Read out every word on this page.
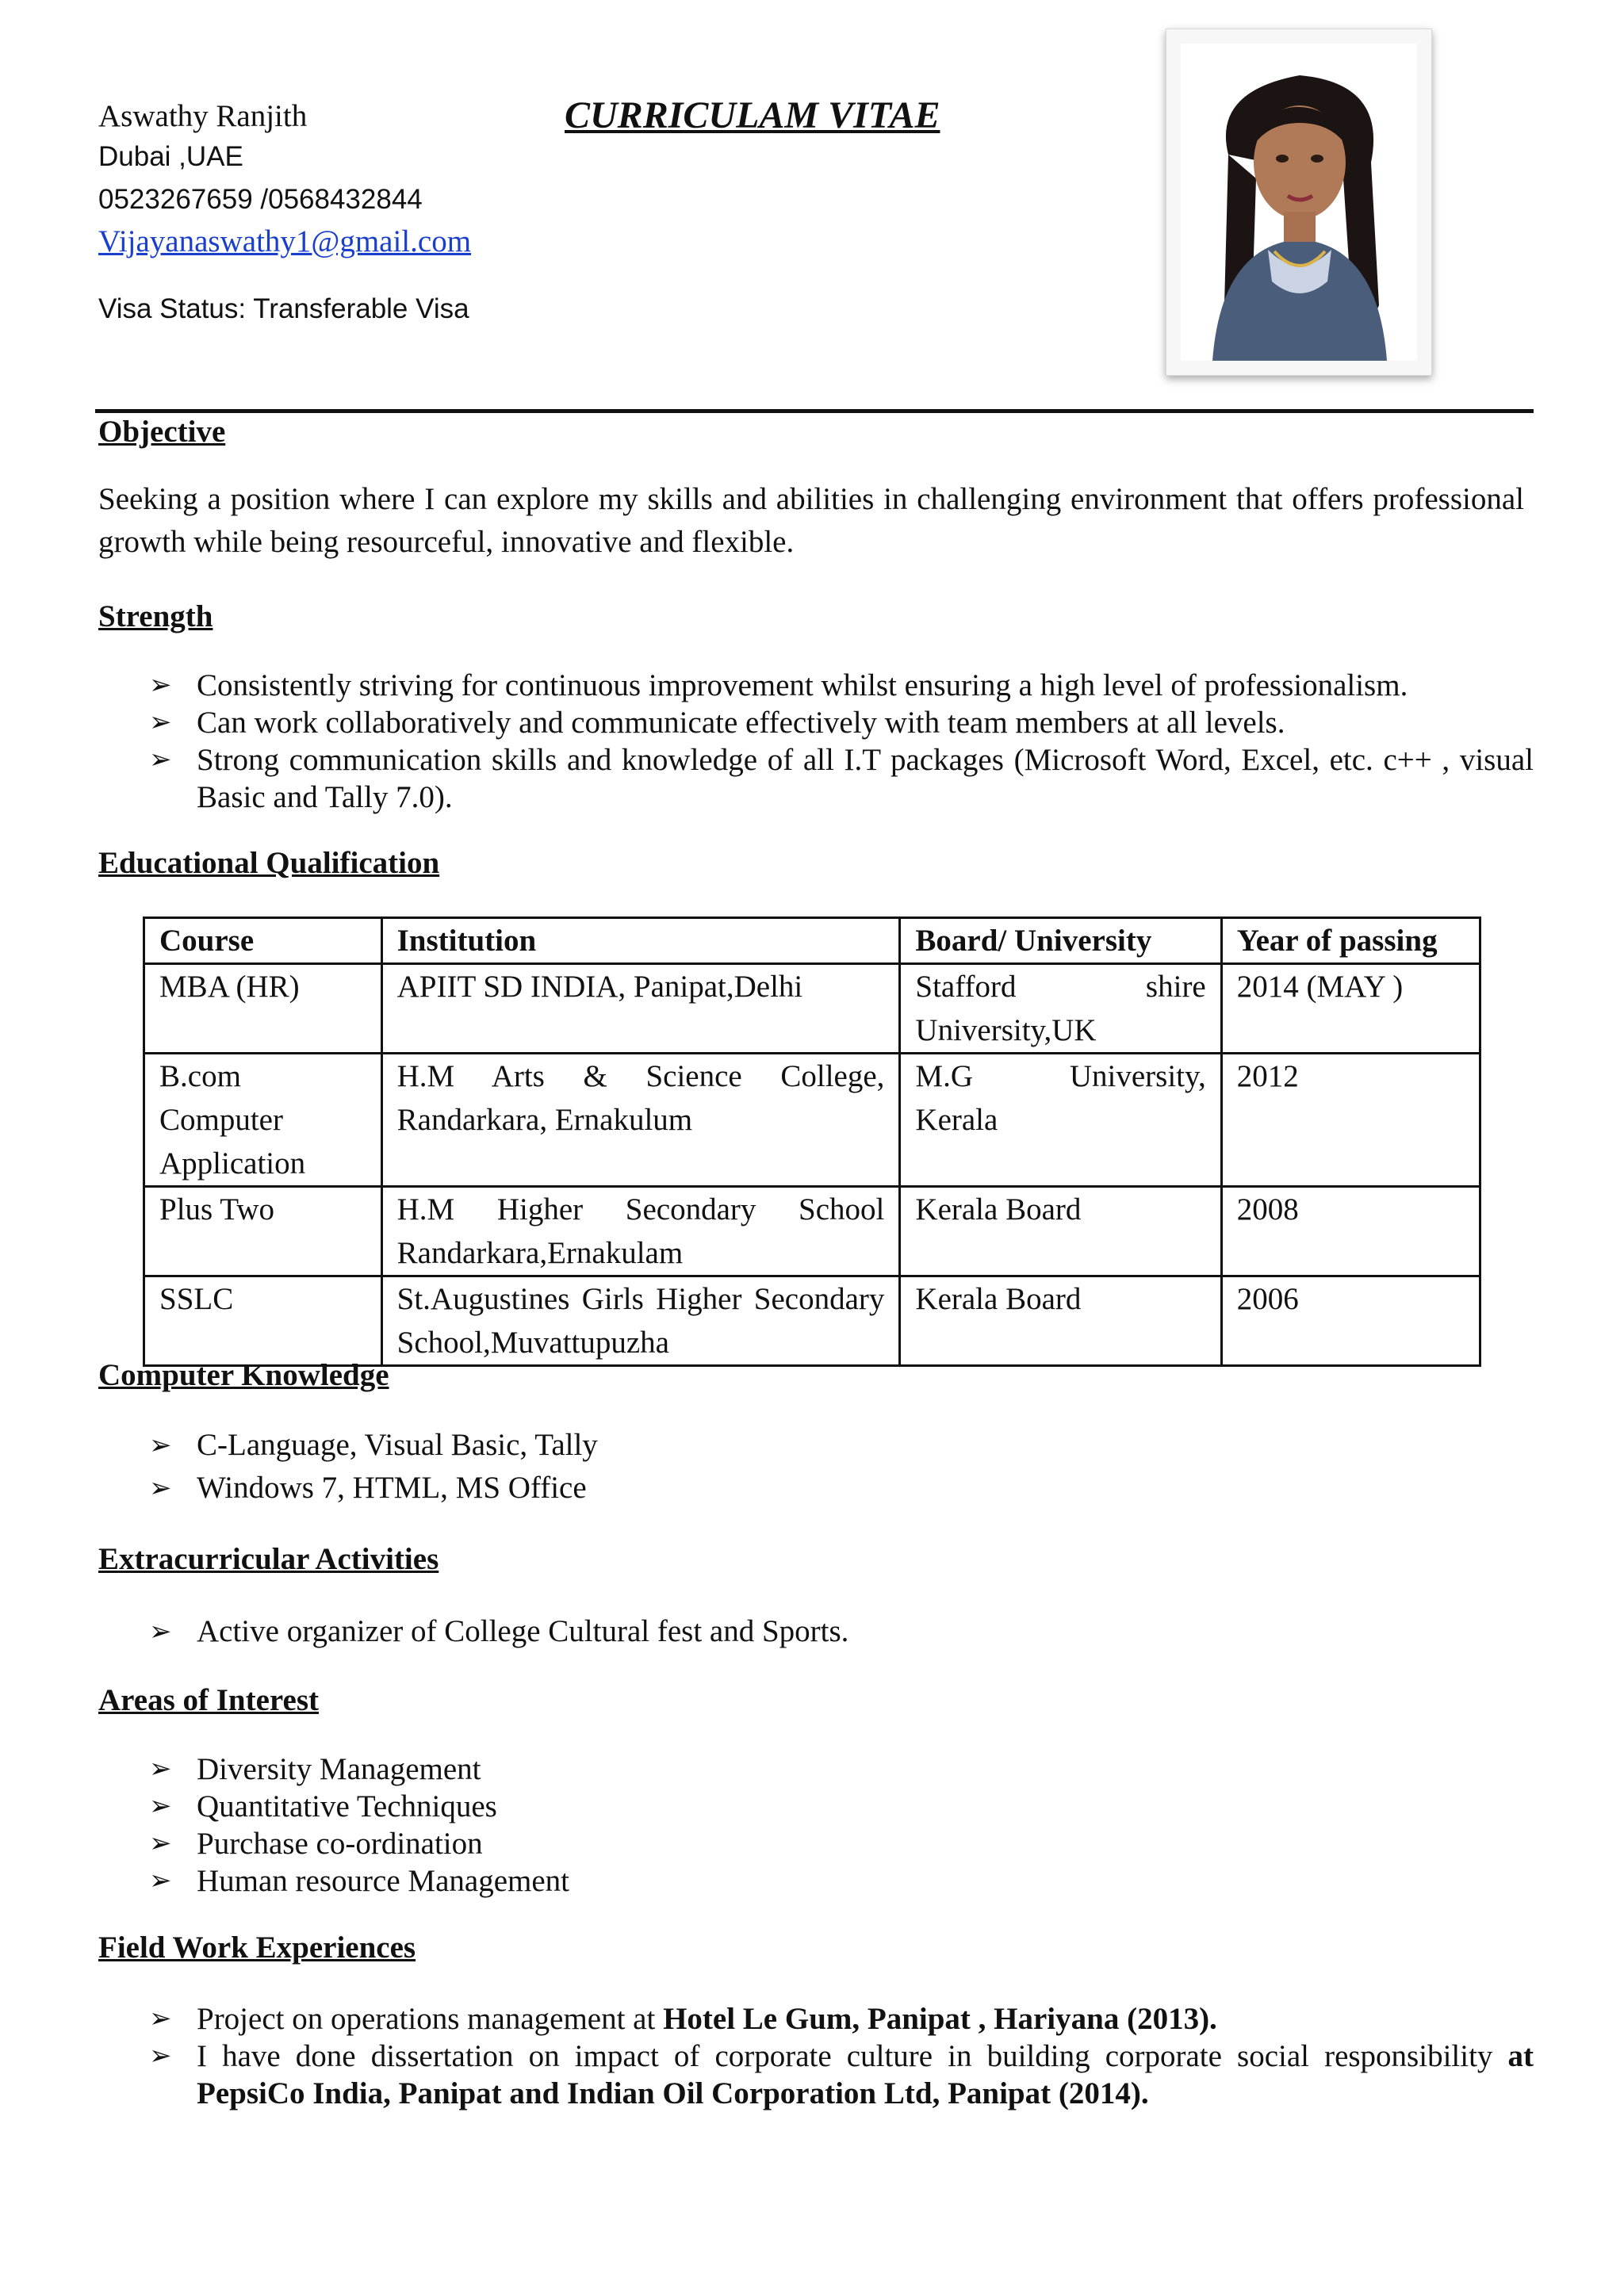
Aswathy Ranjith
Dubai ,UAE
0523267659 /0568432844
Vijayanaswathy1@gmail.com
Visa Status: Transferable Visa
CURRICULAM VITAE
Objective
Seeking a position where I can explore my skills and abilities in challenging environment that offers professional growth while being resourceful, innovative and flexible.
Strength
➢ Consistently striving for continuous improvement whilst ensuring a high level of professionalism.
➢ Can work collaboratively and communicate effectively with team members at all levels.
➢ Strong communication skills and knowledge of all I.T packages (Microsoft Word, Excel, etc. c++ , visual Basic and Tally 7.0).
Educational Qualification
Course	Institution	Board/ University	Year of passing
MBA (HR)	APIIT SD INDIA, Panipat,Delhi	Stafford shire University,UK	2014 (MAY )
B.com Computer Application	H.M Arts & Science College, Randarkara, Ernakulum	M.G University, Kerala	2012
Plus Two	H.M Higher Secondary School Randarkara,Ernakulam	Kerala Board	2008
SSLC	St.Augustines Girls Higher Secondary School,Muvattupuzha	Kerala Board	2006
Computer Knowledge
➢ C-Language, Visual Basic, Tally
➢ Windows 7, HTML, MS Office
Extracurricular Activities
➢ Active organizer of College Cultural fest and Sports.
Areas of Interest
➢ Diversity Management
➢ Quantitative Techniques
➢ Purchase co-ordination
➢ Human resource Management
Field Work Experiences
➢ Project on operations management at Hotel Le Gum, Panipat , Hariyana (2013).
➢ I have done dissertation on impact of corporate culture in building corporate social responsibility at PepsiCo India, Panipat and Indian Oil Corporation Ltd, Panipat (2014).
